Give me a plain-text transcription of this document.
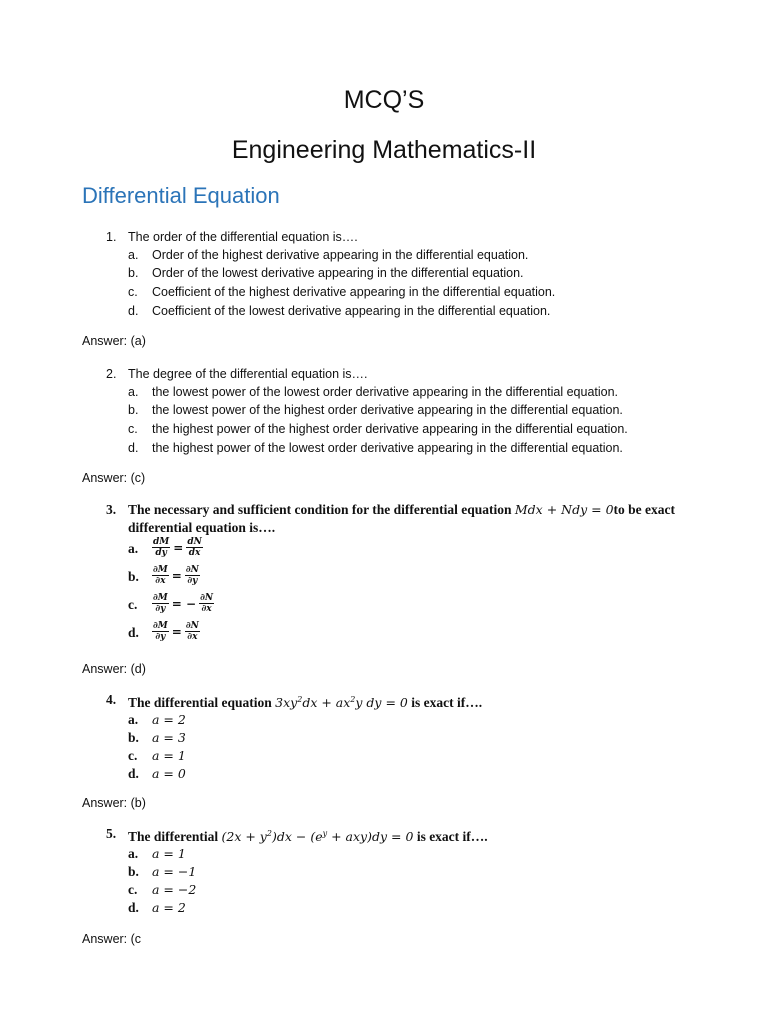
MCQ’S
Engineering Mathematics-II
Differential Equation
1. The order of the differential equation is….
a. Order of the highest derivative appearing in the differential equation.
b. Order of the lowest derivative appearing in the differential equation.
c. Coefficient of the highest derivative appearing in the differential equation.
d. Coefficient of the lowest derivative appearing in the differential equation.
Answer: (a)
2. The degree of the differential equation is….
a. the lowest power of the lowest order derivative appearing in the differential equation.
b. the lowest power of the highest order derivative appearing in the differential equation.
c. the highest power of the highest order derivative appearing in the differential equation.
d. the highest power of the lowest order derivative appearing in the differential equation.
Answer: (c)
3. The necessary and sufficient condition for the differential equation Mdx + Ndy = 0to be exact
differential equation is….
a. $\frac{dM}{dy} = \frac{dN}{dx}$
b. $\frac{\partial M}{\partial x} = \frac{\partial N}{\partial y}$
c. $\frac{\partial M}{\partial y}$ = − $\frac{\partial N}{\partial x}$
d. $\frac{\partial M}{\partial y} = \frac{\partial N}{\partial x}$
Answer: (d)
4. The differential equation $3xy^2dx + ax^2y$ dy = 0 is exact if….
a. a = 2
b. a = 3
c. a = 1
d. a = 0
Answer: (b)
5. The differential $(2x + y^2)dx - (e^y + axy)dy = 0$ is exact if….
a. a = 1
b. a = −1
c. a = −2
d. a = 2
Answer: (c
